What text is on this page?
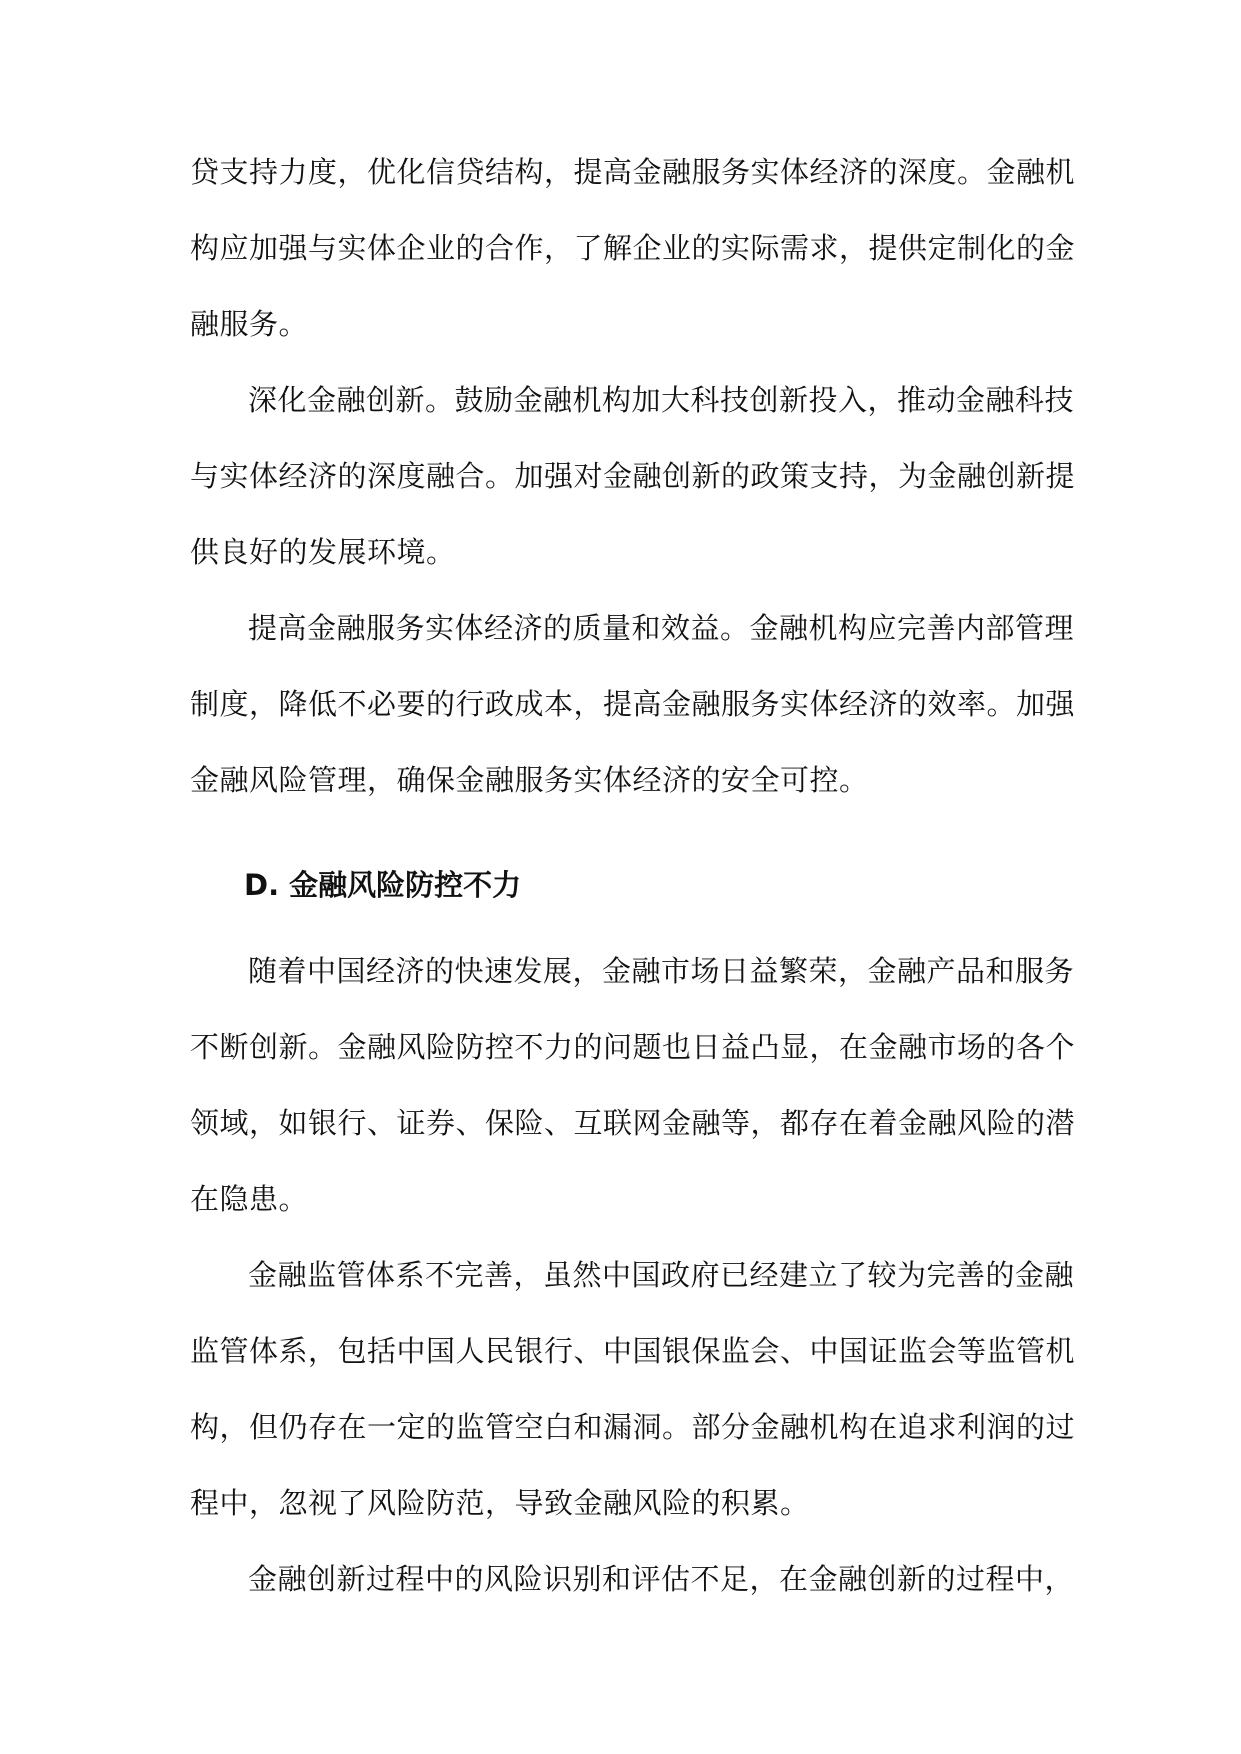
贷支持力度，优化信贷结构，提高金融服务实体经济的深度。金融机
构应加强与实体企业的合作，了解企业的实际需求，提供定制化的金
融服务。
深化金融创新。鼓励金融机构加大科技创新投入，推动金融科技
与实体经济的深度融合。加强对金融创新的政策支持，为金融创新提
供良好的发展环境。
提高金融服务实体经济的质量和效益。金融机构应完善内部管理
制度，降低不必要的行政成本，提高金融服务实体经济的效率。加强
金融风险管理，确保金融服务实体经济的安全可控。
D. 金融风险防控不力
随着中国经济的快速发展，金融市场日益繁荣，金融产品和服务
不断创新。金融风险防控不力的问题也日益凸显，在金融市场的各个
领域，如银行、证券、保险、互联网金融等，都存在着金融风险的潜
在隐患。
金融监管体系不完善，虽然中国政府已经建立了较为完善的金融
监管体系，包括中国人民银行、中国银保监会、中国证监会等监管机
构，但仍存在一定的监管空白和漏洞。部分金融机构在追求利润的过
程中，忽视了风险防范，导致金融风险的积累。
金融创新过程中的风险识别和评估不足，在金融创新的过程中，
